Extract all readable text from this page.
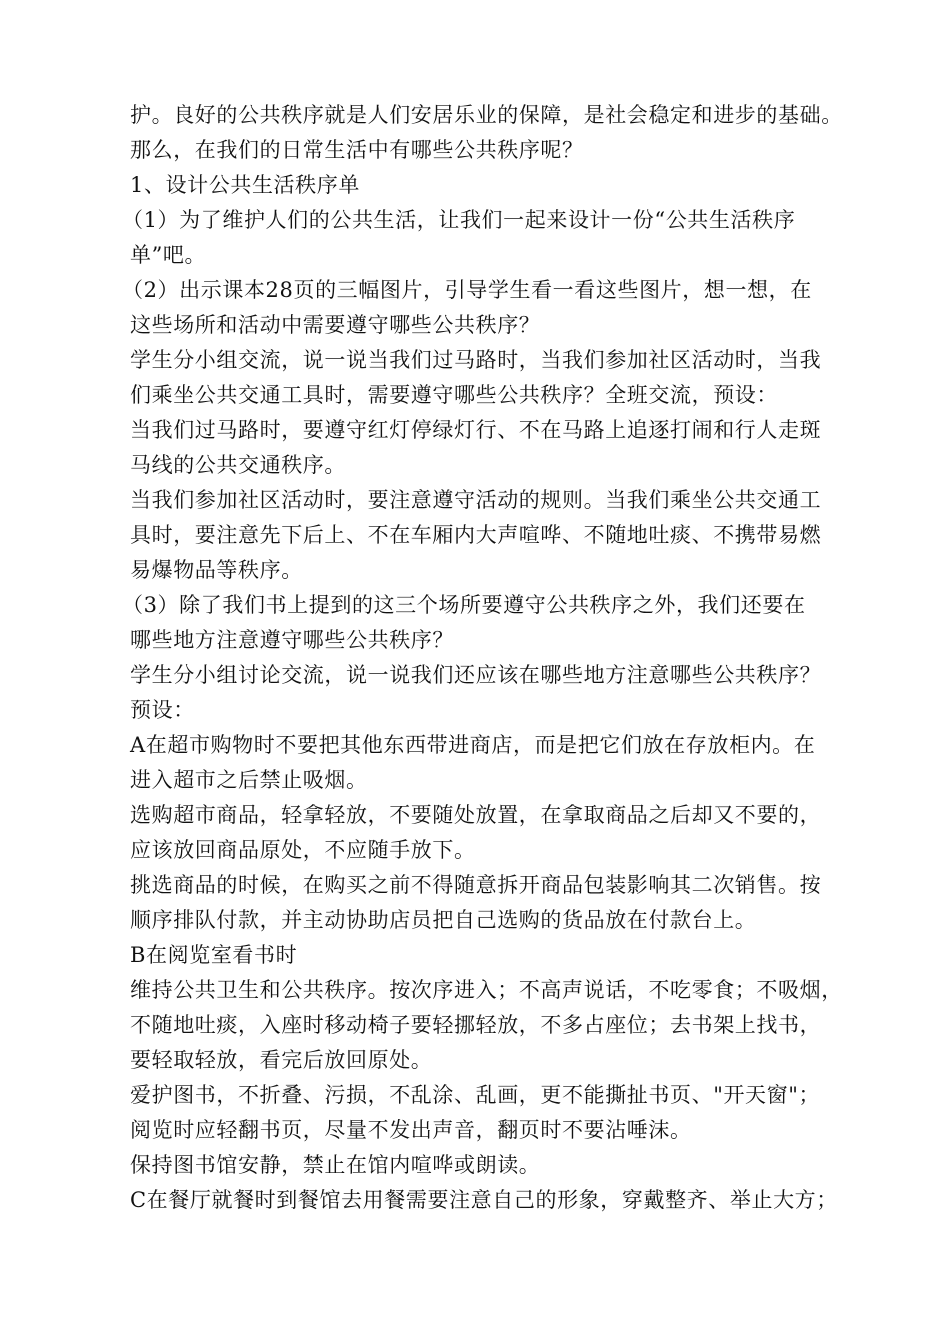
护。良好的公共秩序就是人们安居乐业的保障，是社会稳定和进步的基础。
那么，在我们的日常生活中有哪些公共秩序呢？
1、设计公共生活秩序单
（1）为了维护人们的公共生活，让我们一起来设计一份“公共生活秩序
单”吧。
（2）出示课本28页的三幅图片，引导学生看一看这些图片，想一想，在
这些场所和活动中需要遵守哪些公共秩序？
学生分小组交流，说一说当我们过马路时，当我们参加社区活动时，当我
们乘坐公共交通工具时，需要遵守哪些公共秩序？全班交流，预设：
当我们过马路时，要遵守红灯停绿灯行、不在马路上追逐打闹和行人走斑
马线的公共交通秩序。
当我们参加社区活动时，要注意遵守活动的规则。当我们乘坐公共交通工
具时，要注意先下后上、不在车厢内大声喧哗、不随地吐痰、不携带易燃
易爆物品等秩序。
（3）除了我们书上提到的这三个场所要遵守公共秩序之外，我们还要在
哪些地方注意遵守哪些公共秩序？
学生分小组讨论交流，说一说我们还应该在哪些地方注意哪些公共秩序？
预设：
A在超市购物时不要把其他东西带进商店，而是把它们放在存放柜内。在
进入超市之后禁止吸烟。
选购超市商品，轻拿轻放，不要随处放置，在拿取商品之后却又不要的，
应该放回商品原处，不应随手放下。
挑选商品的时候，在购买之前不得随意拆开商品包装影响其二次销售。按
顺序排队付款，并主动协助店员把自己选购的货品放在付款台上。
B在阅览室看书时
维持公共卫生和公共秩序。按次序进入；不高声说话，不吃零食；不吸烟，
不随地吐痰，入座时移动椅子要轻挪轻放，不多占座位；去书架上找书，
要轻取轻放，看完后放回原处。
爱护图书，不折叠、污损，不乱涂、乱画，更不能撕扯书页、"开天窗"；
阅览时应轻翻书页，尽量不发出声音，翻页时不要沾唾沫。
保持图书馆安静，禁止在馆内喧哗或朗读。
C在餐厅就餐时到餐馆去用餐需要注意自己的形象，穿戴整齐、举止大方；
